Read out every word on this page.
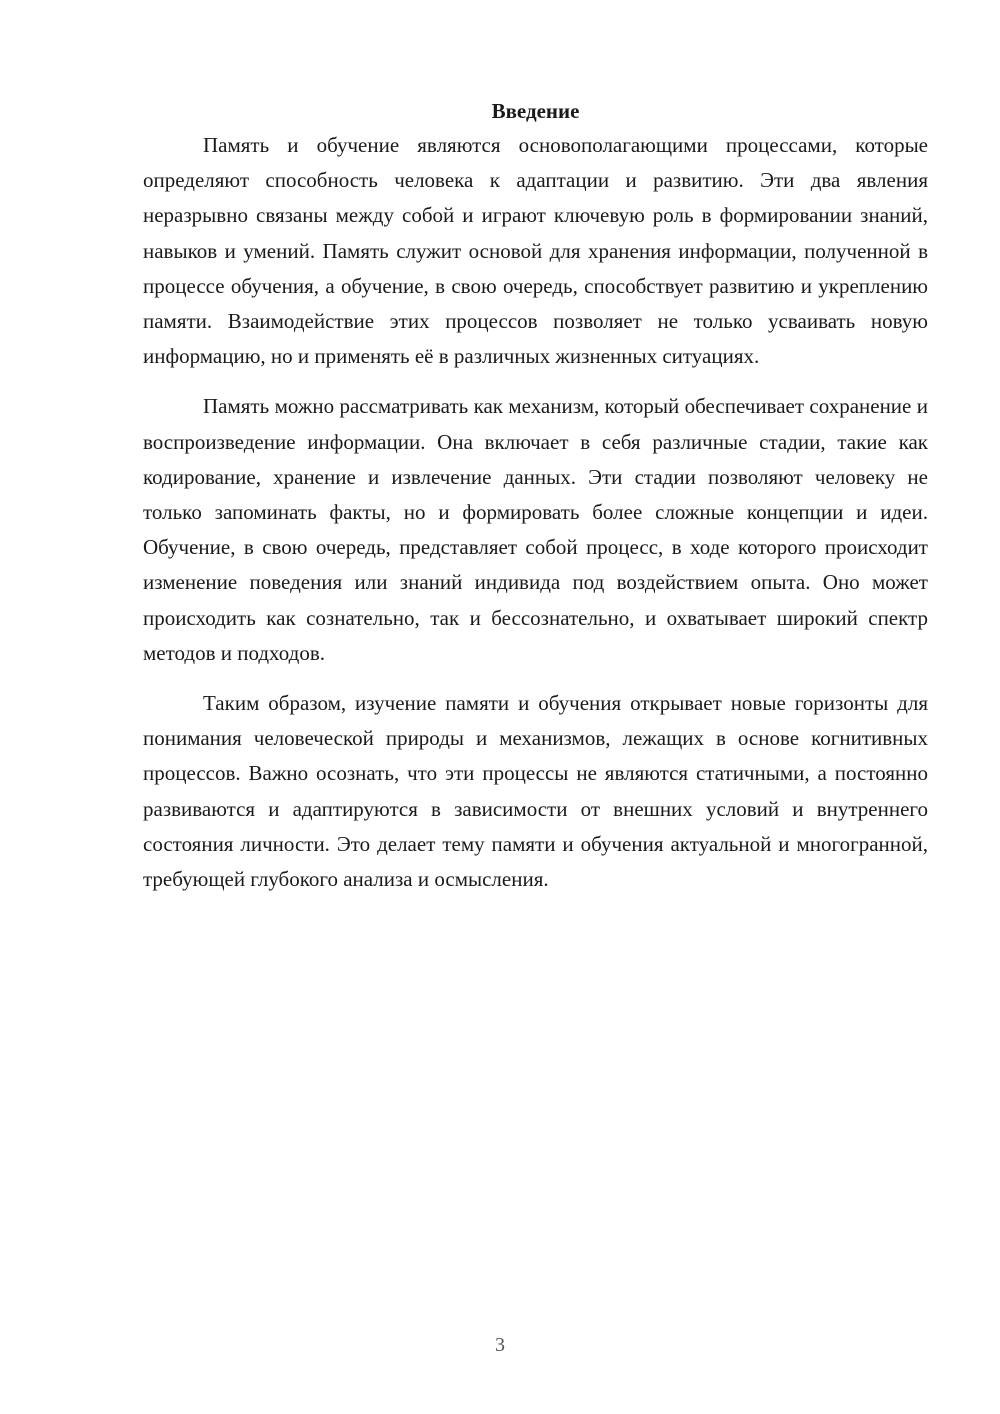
Введение

Память и обучение являются основополагающими процессами, которые определяют способность человека к адаптации и развитию. Эти два явления неразрывно связаны между собой и играют ключевую роль в формировании знаний, навыков и умений. Память служит основой для хранения информации, полученной в процессе обучения, а обучение, в свою очередь, способствует развитию и укреплению памяти. Взаимодействие этих процессов позволяет не только усваивать новую информацию, но и применять её в различных жизненных ситуациях.

Память можно рассматривать как механизм, который обеспечивает сохранение и воспроизведение информации. Она включает в себя различные стадии, такие как кодирование, хранение и извлечение данных. Эти стадии позволяют человеку не только запоминать факты, но и формировать более сложные концепции и идеи. Обучение, в свою очередь, представляет собой процесс, в ходе которого происходит изменение поведения или знаний индивида под воздействием опыта. Оно может происходить как сознательно, так и бессознательно, и охватывает широкий спектр методов и подходов.

Таким образом, изучение памяти и обучения открывает новые горизонты для понимания человеческой природы и механизмов, лежащих в основе когнитивных процессов. Важно осознать, что эти процессы не являются статичными, а постоянно развиваются и адаптируются в зависимости от внешних условий и внутреннего состояния личности. Это делает тему памяти и обучения актуальной и многогранной, требующей глубокого анализа и осмысления.

3
